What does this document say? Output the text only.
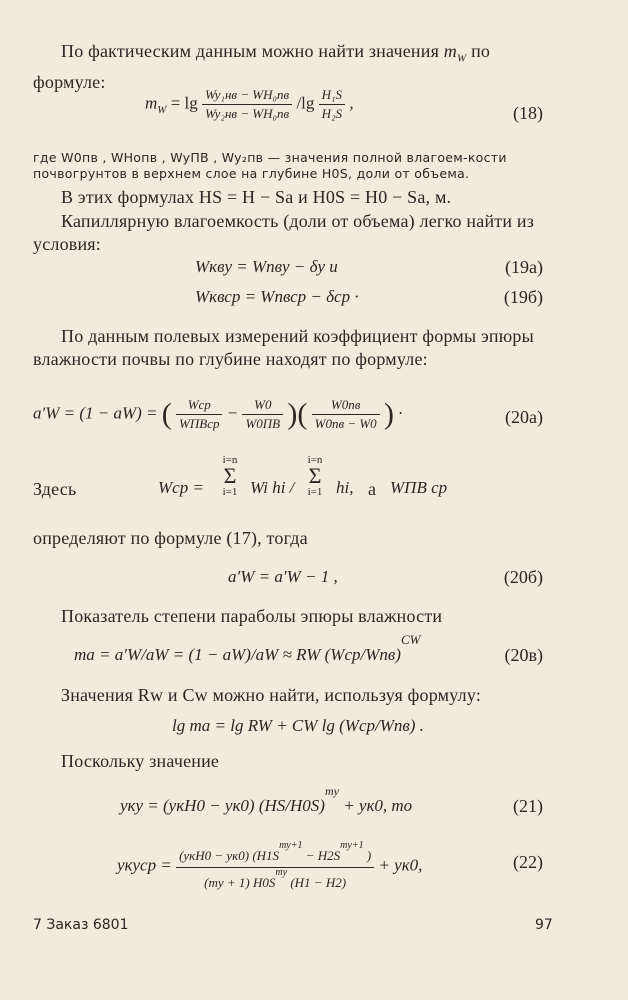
По фактическим данным можно найти значения $m_W$ по
формуле:
$m_W = \lg \frac{\text{Wy₁нв − WH₀пв}}{\text{Wy₂нв − WH₀пв}} /\lg \frac{\text{H₁S}}{\text{H₂S}}$ ,
(18)
где W0пв , WHoпв , WyПВ , Wy₂пв — значения полной влагоем-кости почвогрунтов в верхнем слое на глубине H0S, доли от объема.
В этих формулах HS = H − Sa и H0S = H0 − Sa, м.
Капиллярную влагоемкость (доли от объема) легко найти из условия:
Wквy = Wпвy − δy и	(19a)
Wквср = Wпвср − δср ·	(19б)
По данным полевых измерений коэффициент формы эпюры влажности почвы по глубине находят по формуле:
a′W = (1 − aW) = ( $\frac{\text{Wср}}{\text{WПВср}} - \frac{W0}{W0ПВ}$ )( $\frac{W0пв}{W0пв - W0}$ ) ·	(20a)
Здесь	Wср =
i=n
Σ
i=1 Wi hi /
i=n
Σ
i=1 hi, а WПВ ср
определяют по формуле (17), тогда
a′W = a′W − 1 ,	(20б)
Показатель степени параболы эпюры влажности
ma = a′W/aW = (1 − aW)/aW ≈ RW $(Wср/Wпв)^{CW}$
(20в)
Значения Rw и Cw можно найти, используя формулу:
lg ma = lg RW + CW lg (Wср/Wпв) .
Поскольку значение
yку = (yкH0 − yк0) $(HS/H0S)^{my} + yк0$, то	(21)
yкуср = $\frac{(yкH0 - yк0) (H1S^{my+1} - H2S^{my+1} )}{(my + 1) H0S^{my} (H1 - H2)} + yк0$,	(22)
7 Заказ 6801	97
